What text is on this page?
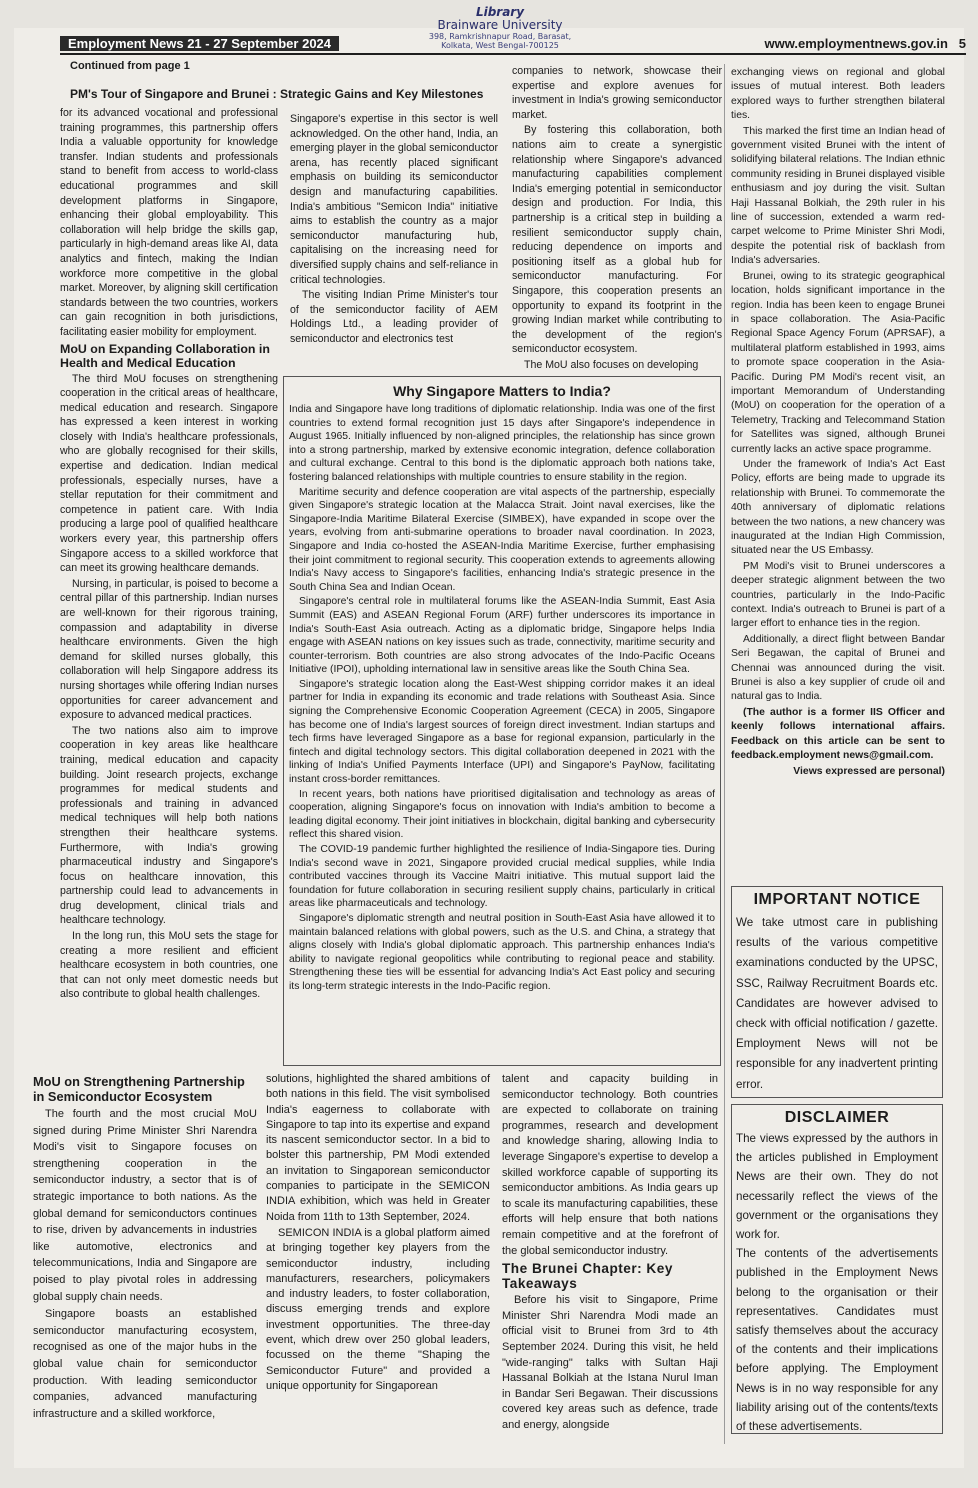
Library
Brainware University
398, Ramkrishnapur Road, Barasat, Kolkata, West Bengal-700125
Employment News 21 - 27 September 2024	www.employmentnews.gov.in 5
Continued from page 1
PM's Tour of Singapore and Brunei : Strategic Gains and Key Milestones

for its advanced vocational and professional training programmes, this partnership offers India a valuable opportunity for knowledge transfer. Indian students and professionals stand to benefit from access to world-class educational programmes and skill development platforms in Singapore, enhancing their global employability. This collaboration will help bridge the skills gap, particularly in high-demand areas like AI, data analytics and fintech, making the Indian workforce more competitive in the global market. Moreover, by aligning skill certification standards between the two countries, workers can gain recognition in both jurisdictions, facilitating easier mobility for employment.

MoU on Expanding Collaboration in Health and Medical Education

The third MoU focuses on strengthening cooperation in the critical areas of healthcare, medical education and research. Singapore has expressed a keen interest in working closely with India's healthcare professionals, who are globally recognised for their skills, expertise and dedication. Indian medical professionals, especially nurses, have a stellar reputation for their commitment and competence in patient care. With India producing a large pool of qualified healthcare workers every year, this partnership offers Singapore access to a skilled workforce that can meet its growing healthcare demands.

Nursing, in particular, is poised to become a central pillar of this partnership. Indian nurses are well-known for their rigorous training, compassion and adaptability in diverse healthcare environments. Given the high demand for skilled nurses globally, this collaboration will help Singapore address its nursing shortages while offering Indian nurses opportunities for career advancement and exposure to advanced medical practices.

The two nations also aim to improve cooperation in key areas like healthcare training, medical education and capacity building. Joint research projects, exchange programmes for medical students and professionals and training in advanced medical techniques will help both nations strengthen their healthcare systems. Furthermore, with India's growing pharmaceutical industry and Singapore's focus on healthcare innovation, this partnership could lead to advancements in drug development, clinical trials and healthcare technology.

In the long run, this MoU sets the stage for creating a more resilient and efficient healthcare ecosystem in both countries, one that can not only meet domestic needs but also contribute to global health challenges.

Singapore's expertise in this sector is well acknowledged. On the other hand, India, an emerging player in the global semiconductor arena, has recently placed significant emphasis on building its semiconductor design and manufacturing capabilities. India's ambitious "Semicon India" initiative aims to establish the country as a major semiconductor manufacturing hub, capitalising on the increasing need for diversified supply chains and self-reliance in critical technologies.

The visiting Indian Prime Minister's tour of the semiconductor facility of AEM Holdings Ltd., a leading provider of semiconductor and electronics test

companies to network, showcase their expertise and explore avenues for investment in India's growing semiconductor market.

By fostering this collaboration, both nations aim to create a synergistic relationship where Singapore's advanced manufacturing capabilities complement India's emerging potential in semiconductor design and production. For India, this partnership is a critical step in building a resilient semiconductor supply chain, reducing dependence on imports and positioning itself as a global hub for semiconductor manufacturing. For Singapore, this cooperation presents an opportunity to expand its footprint in the growing Indian market while contributing to the development of the region's semiconductor ecosystem.

The MoU also focuses on developing

Why Singapore Matters to India?

India and Singapore have long traditions of diplomatic relationship. India was one of the first countries to extend formal recognition just 15 days after Singapore's independence in August 1965. Initially influenced by non-aligned principles, the relationship has since grown into a strong partnership, marked by extensive economic integration, defence collaboration and cultural exchange. Central to this bond is the diplomatic approach both nations take, fostering balanced relationships with multiple countries to ensure stability in the region.

Maritime security and defence cooperation are vital aspects of the partnership, especially given Singapore's strategic location at the Malacca Strait. Joint naval exercises, like the Singapore-India Maritime Bilateral Exercise (SIMBEX), have expanded in scope over the years, evolving from anti-submarine operations to broader naval coordination. In 2023, Singapore and India co-hosted the ASEAN-India Maritime Exercise, further emphasising their joint commitment to regional security. This cooperation extends to agreements allowing India's Navy access to Singapore's facilities, enhancing India's strategic presence in the South China Sea and Indian Ocean.

Singapore's central role in multilateral forums like the ASEAN-India Summit, East Asia Summit (EAS) and ASEAN Regional Forum (ARF) further underscores its importance in India's South-East Asia outreach. Acting as a diplomatic bridge, Singapore helps India engage with ASEAN nations on key issues such as trade, connectivity, maritime security and counter-terrorism. Both countries are also strong advocates of the Indo-Pacific Oceans Initiative (IPOI), upholding international law in sensitive areas like the South China Sea.

Singapore's strategic location along the East-West shipping corridor makes it an ideal partner for India in expanding its economic and trade relations with Southeast Asia. Since signing the Comprehensive Economic Cooperation Agreement (CECA) in 2005, Singapore has become one of India's largest sources of foreign direct investment. Indian startups and tech firms have leveraged Singapore as a base for regional expansion, particularly in the fintech and digital technology sectors. This digital collaboration deepened in 2021 with the linking of India's Unified Payments Interface (UPI) and Singapore's PayNow, facilitating instant cross-border remittances.

In recent years, both nations have prioritised digitalisation and technology as areas of cooperation, aligning Singapore's focus on innovation with India's ambition to become a leading digital economy. Their joint initiatives in blockchain, digital banking and cybersecurity reflect this shared vision.

The COVID-19 pandemic further highlighted the resilience of India-Singapore ties. During India's second wave in 2021, Singapore provided crucial medical supplies, while India contributed vaccines through its Vaccine Maitri initiative. This mutual support laid the foundation for future collaboration in securing resilient supply chains, particularly in critical areas like pharmaceuticals and technology.

Singapore's diplomatic strength and neutral position in South-East Asia have allowed it to maintain balanced relations with global powers, such as the U.S. and China, a strategy that aligns closely with India's global diplomatic approach. This partnership enhances India's ability to navigate regional geopolitics while contributing to regional peace and stability. Strengthening these ties will be essential for advancing India's Act East policy and securing its long-term strategic interests in the Indo-Pacific region.

exchanging views on regional and global issues of mutual interest. Both leaders explored ways to further strengthen bilateral ties.

This marked the first time an Indian head of government visited Brunei with the intent of solidifying bilateral relations. The Indian ethnic community residing in Brunei displayed visible enthusiasm and joy during the visit. Sultan Haji Hassanal Bolkiah, the 29th ruler in his line of succession, extended a warm red-carpet welcome to Prime Minister Shri Modi, despite the potential risk of backlash from India's adversaries.

Brunei, owing to its strategic geographical location, holds significant importance in the region. India has been keen to engage Brunei in space collaboration. The Asia-Pacific Regional Space Agency Forum (APRSAF), a multilateral platform established in 1993, aims to promote space cooperation in the Asia-Pacific. During PM Modi's recent visit, an important Memorandum of Understanding (MoU) on cooperation for the operation of a Telemetry, Tracking and Telecommand Station for Satellites was signed, although Brunei currently lacks an active space programme.

Under the framework of India's Act East Policy, efforts are being made to upgrade its relationship with Brunei. To commemorate the 40th anniversary of diplomatic relations between the two nations, a new chancery was inaugurated at the Indian High Commission, situated near the US Embassy.

PM Modi's visit to Brunei underscores a deeper strategic alignment between the two countries, particularly in the Indo-Pacific context. India's outreach to Brunei is part of a larger effort to enhance ties in the region.

Additionally, a direct flight between Bandar Seri Begawan, the capital of Brunei and Chennai was announced during the visit. Brunei is also a key supplier of crude oil and natural gas to India.

(The author is a former IIS Officer and keenly follows international affairs. Feedback on this article can be sent to feedback.employment news@gmail.com.

Views expressed are personal)

IMPORTANT NOTICE

We take utmost care in publishing results of the various competitive examinations conducted by the UPSC, SSC, Railway Recruitment Boards etc. Candidates are however advised to check with official notification / gazette. Employment News will not be responsible for any inadvertent printing error.

DISCLAIMER

The views expressed by the authors in the articles published in Employment News are their own. They do not necessarily reflect the views of the government or the organisations they work for.

The contents of the advertisements published in the Employment News belong to the organisation or their representatives. Candidates must satisfy themselves about the accuracy of the contents and their implications before applying. The Employment News is in no way responsible for any liability arising out of the contents/texts of these advertisements.

MoU on Strengthening Partnership in Semiconductor Ecosystem

The fourth and the most crucial MoU signed during Prime Minister Shri Narendra Modi's visit to Singapore focuses on strengthening cooperation in the semiconductor industry, a sector that is of strategic importance to both nations. As the global demand for semiconductors continues to rise, driven by advancements in industries like automotive, electronics and telecommunications, India and Singapore are poised to play pivotal roles in addressing global supply chain needs.

Singapore boasts an established semiconductor manufacturing ecosystem, recognised as one of the major hubs in the global value chain for semiconductor production. With leading semiconductor companies, advanced manufacturing infrastructure and a skilled workforce,

solutions, highlighted the shared ambitions of both nations in this field. The visit symbolised India's eagerness to collaborate with Singapore to tap into its expertise and expand its nascent semiconductor sector. In a bid to bolster this partnership, PM Modi extended an invitation to Singaporean semiconductor companies to participate in the SEMICON INDIA exhibition, which was held in Greater Noida from 11th to 13th September, 2024.

SEMICON INDIA is a global platform aimed at bringing together key players from the semiconductor industry, including manufacturers, researchers, policymakers and industry leaders, to foster collaboration, discuss emerging trends and explore investment opportunities. The three-day event, which drew over 250 global leaders, focussed on the theme "Shaping the Semiconductor Future" and provided a unique opportunity for Singaporean

talent and capacity building in semiconductor technology. Both countries are expected to collaborate on training programmes, research and development and knowledge sharing, allowing India to leverage Singapore's expertise to develop a skilled workforce capable of supporting its semiconductor ambitions. As India gears up to scale its manufacturing capabilities, these efforts will help ensure that both nations remain competitive and at the forefront of the global semiconductor industry.

The Brunei Chapter: Key Takeaways

Before his visit to Singapore, Prime Minister Shri Narendra Modi made an official visit to Brunei from 3rd to 4th September 2024. During this visit, he held "wide-ranging" talks with Sultan Haji Hassanal Bolkiah at the Istana Nurul Iman in Bandar Seri Begawan. Their discussions covered key areas such as defence, trade and energy, alongside
